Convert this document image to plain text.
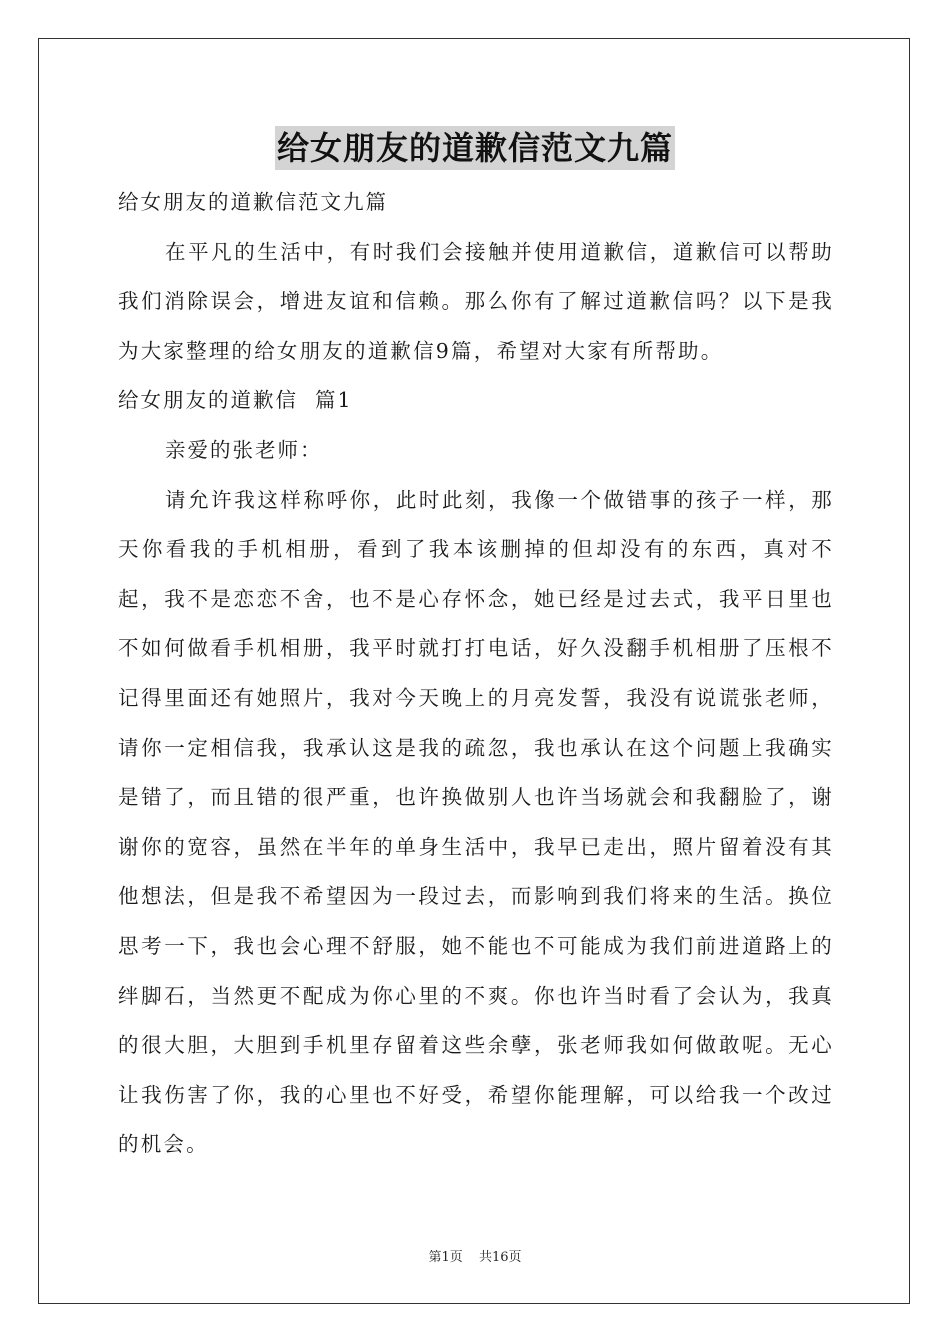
给女朋友的道歉信范文九篇

给女朋友的道歉信范文九篇

在平凡的生活中，有时我们会接触并使用道歉信，道歉信可以帮助我们消除误会，增进友谊和信赖。那么你有了解过道歉信吗？以下是我为大家整理的给女朋友的道歉信9篇，希望对大家有所帮助。

给女朋友的道歉信  篇1

亲爱的张老师：

请允许我这样称呼你，此时此刻，我像一个做错事的孩子一样，那天你看我的手机相册，看到了我本该删掉的但却没有的东西，真对不起，我不是恋恋不舍，也不是心存怀念，她已经是过去式，我平日里也不如何做看手机相册，我平时就打打电话，好久没翻手机相册了压根不记得里面还有她照片，我对今天晚上的月亮发誓，我没有说谎张老师，请你一定相信我，我承认这是我的疏忽，我也承认在这个问题上我确实是错了，而且错的很严重，也许换做别人也许当场就会和我翻脸了，谢谢你的宽容，虽然在半年的单身生活中，我早已走出，照片留着没有其他想法，但是我不希望因为一段过去，而影响到我们将来的生活。换位思考一下，我也会心理不舒服，她不能也不可能成为我们前进道路上的绊脚石，当然更不配成为你心里的不爽。你也许当时看了会认为，我真的很大胆，大胆到手机里存留着这些余孽，张老师我如何做敢呢。无心让我伤害了你，我的心里也不好受，希望你能理解，可以给我一个改过的机会。

第1页 共16页
